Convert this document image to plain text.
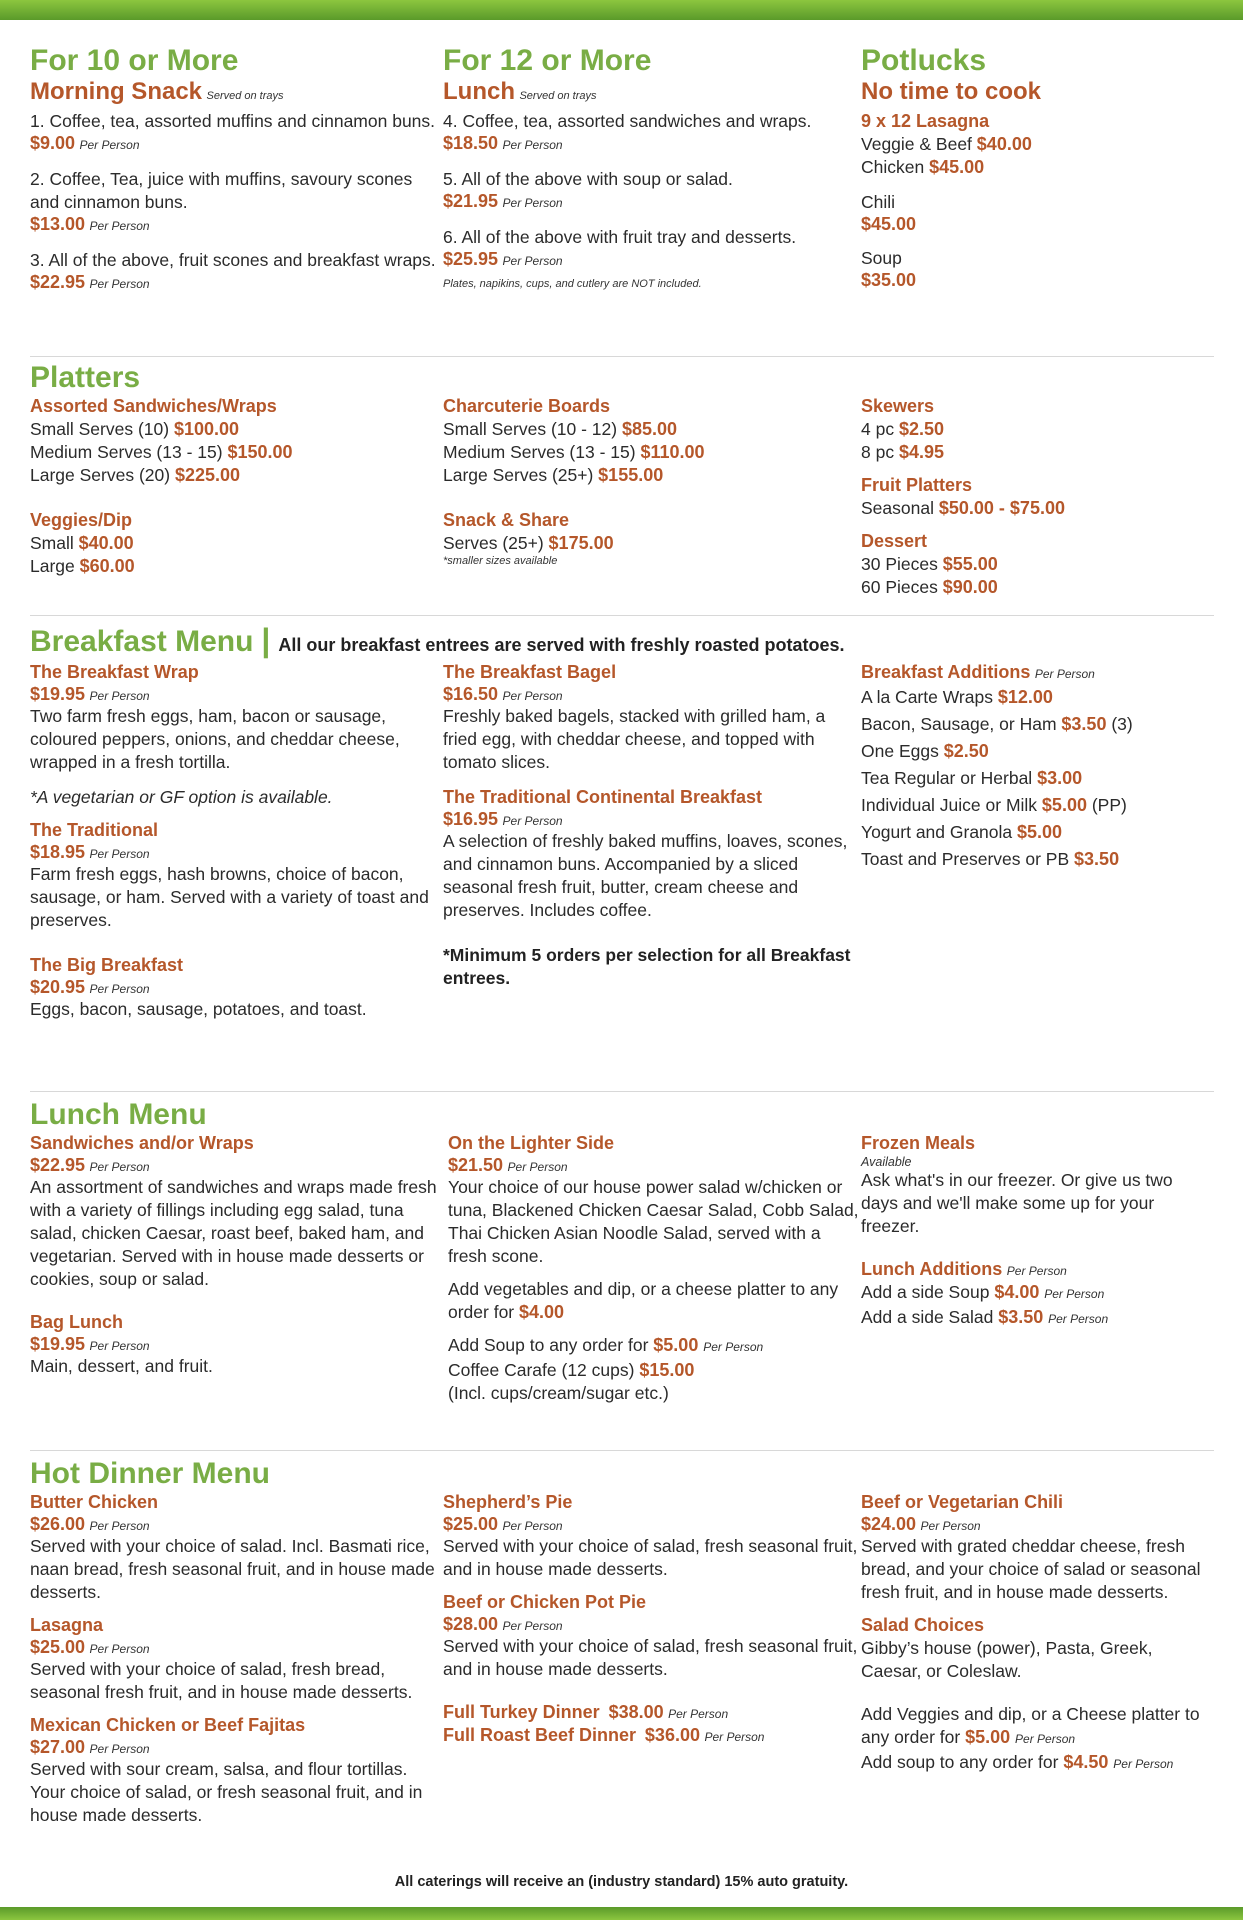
For 10 or More
Morning Snack Served on trays
1. Coffee, tea, assorted muffins and cinnamon buns.
$9.00 Per Person
2. Coffee, Tea, juice with muffins, savoury scones and cinnamon buns.
$13.00 Per Person
3. All of the above, fruit scones and breakfast wraps.
$22.95 Per Person
For 12 or More
Lunch Served on trays
4. Coffee, tea, assorted sandwiches and wraps.
$18.50 Per Person
5. All of the above with soup or salad.
$21.95 Per Person
6. All of the above with fruit tray and desserts.
$25.95 Per Person
Plates, napikins, cups, and cutlery are NOT included.
Potlucks
No time to cook
9 x 12 Lasagna
Veggie & Beef $40.00
Chicken $45.00
Chili
$45.00
Soup
$35.00
Platters
Assorted Sandwiches/Wraps
Small Serves (10) $100.00
Medium Serves (13 - 15) $150.00
Large Serves (20) $225.00
Veggies/Dip
Small $40.00
Large $60.00
Charcuterie Boards
Small Serves (10 - 12) $85.00
Medium Serves (13 - 15) $110.00
Large Serves (25+) $155.00
Snack & Share
Serves (25+) $175.00
*smaller sizes available
Skewers
4 pc $2.50
8 pc $4.95
Fruit Platters
Seasonal $50.00 - $75.00
Dessert
30 Pieces $55.00
60 Pieces $90.00
Breakfast Menu | All our breakfast entrees are served with freshly roasted potatoes.
The Breakfast Wrap
$19.95 Per Person
Two farm fresh eggs, ham, bacon or sausage, coloured peppers, onions, and cheddar cheese, wrapped in a fresh tortilla.
*A vegetarian or GF option is available.
The Traditional
$18.95 Per Person
Farm fresh eggs, hash browns, choice of bacon, sausage, or ham. Served with a variety of toast and preserves.
The Big Breakfast
$20.95 Per Person
Eggs, bacon, sausage, potatoes, and toast.
The Breakfast Bagel
$16.50 Per Person
Freshly baked bagels, stacked with grilled ham, a fried egg, with cheddar cheese, and topped with tomato slices.
The Traditional Continental Breakfast
$16.95 Per Person
A selection of freshly baked muffins, loaves, scones, and cinnamon buns. Accompanied by a sliced seasonal fresh fruit, butter, cream cheese and preserves. Includes coffee.
*Minimum 5 orders per selection for all Breakfast entrees.
Breakfast Additions Per Person
A la Carte Wraps $12.00
Bacon, Sausage, or Ham $3.50 (3)
One Eggs $2.50
Tea Regular or Herbal $3.00
Individual Juice or Milk $5.00 (PP)
Yogurt and Granola $5.00
Toast and Preserves or PB $3.50
Lunch Menu
Sandwiches and/or Wraps
$22.95 Per Person
An assortment of sandwiches and wraps made fresh with a variety of fillings including egg salad, tuna salad, chicken Caesar, roast beef, baked ham, and vegetarian. Served with in house made desserts or cookies, soup or salad.
Bag Lunch
$19.95 Per Person
Main, dessert, and fruit.
On the Lighter Side
$21.50 Per Person
Your choice of our house power salad w/chicken or tuna, Blackened Chicken Caesar Salad, Cobb Salad, Thai Chicken Asian Noodle Salad, served with a fresh scone.
Add vegetables and dip, or a cheese platter to any order for $4.00
Add Soup to any order for $5.00 Per Person
Coffee Carafe (12 cups) $15.00
(Incl. cups/cream/sugar etc.)
Frozen Meals
Available
Ask what's in our freezer. Or give us two days and we'll make some up for your freezer.
Lunch Additions Per Person
Add a side Soup $4.00 Per Person
Add a side Salad $3.50 Per Person
Hot Dinner Menu
Butter Chicken
$26.00 Per Person
Served with your choice of salad. Incl. Basmati rice, naan bread, fresh seasonal fruit, and in house made desserts.
Lasagna
$25.00 Per Person
Served with your choice of salad, fresh bread, seasonal fresh fruit, and in house made desserts.
Mexican Chicken or Beef Fajitas
$27.00 Per Person
Served with sour cream, salsa, and flour tortillas. Your choice of salad, or fresh seasonal fruit, and in house made desserts.
Shepherd’s Pie
$25.00 Per Person
Served with your choice of salad, fresh seasonal fruit, and in house made desserts.
Beef or Chicken Pot Pie
$28.00 Per Person
Served with your choice of salad, fresh seasonal fruit, and in house made desserts.
Full Turkey Dinner $38.00 Per Person
Full Roast Beef Dinner $36.00 Per Person
Beef or Vegetarian Chili
$24.00 Per Person
Served with grated cheddar cheese, fresh bread, and your choice of salad or seasonal fresh fruit, and in house made desserts.
Salad Choices
Gibby’s house (power), Pasta, Greek, Caesar, or Coleslaw.
Add Veggies and dip, or a Cheese platter to any order for $5.00 Per Person
Add soup to any order for $4.50 Per Person
All caterings will receive an (industry standard) 15% auto gratuity.
